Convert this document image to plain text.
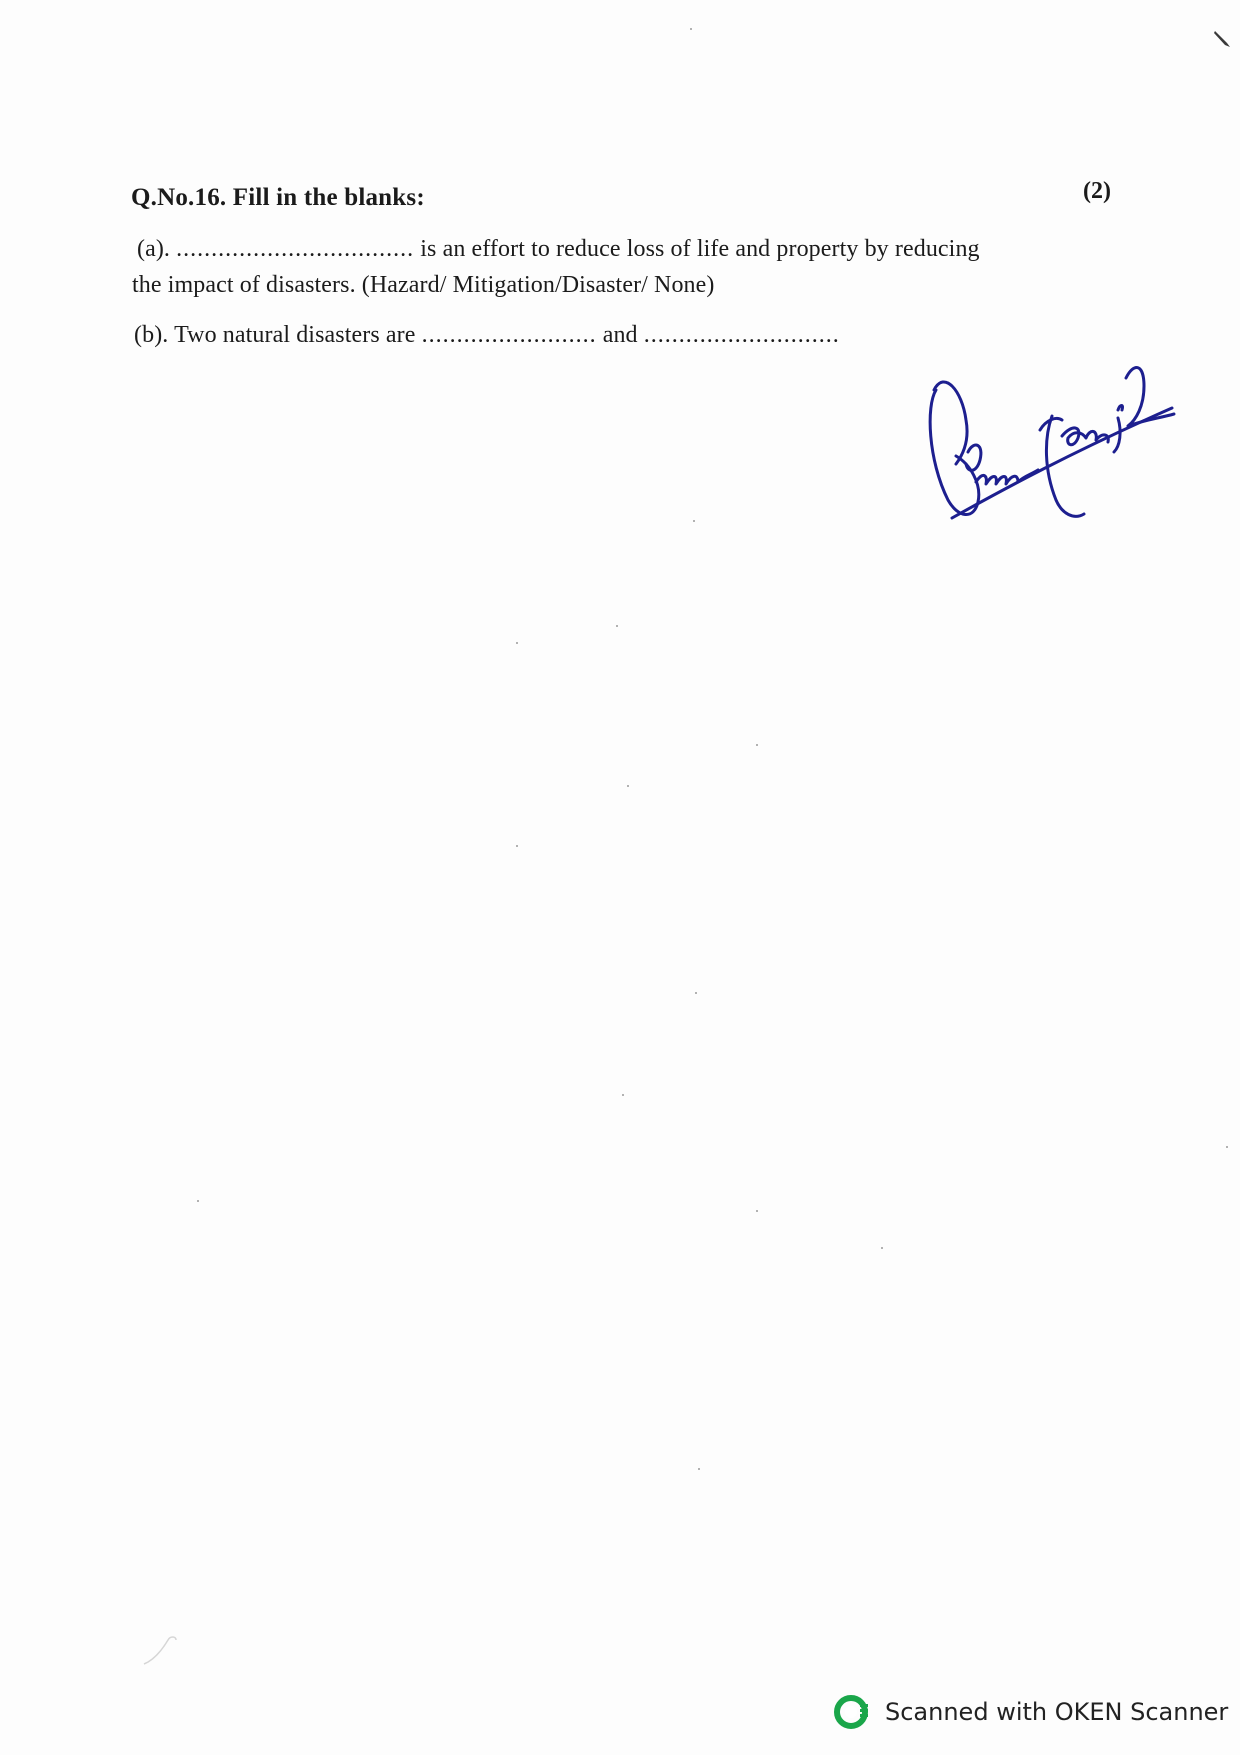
Q.No.16. Fill in the blanks:	(2)
(a). .................................. is an effort to reduce loss of life and property by reducing
the impact of disasters. (Hazard/ Mitigation/Disaster/ None)
(b). Two natural disasters are ......................... and ............................
Scanned with OKEN Scanner
